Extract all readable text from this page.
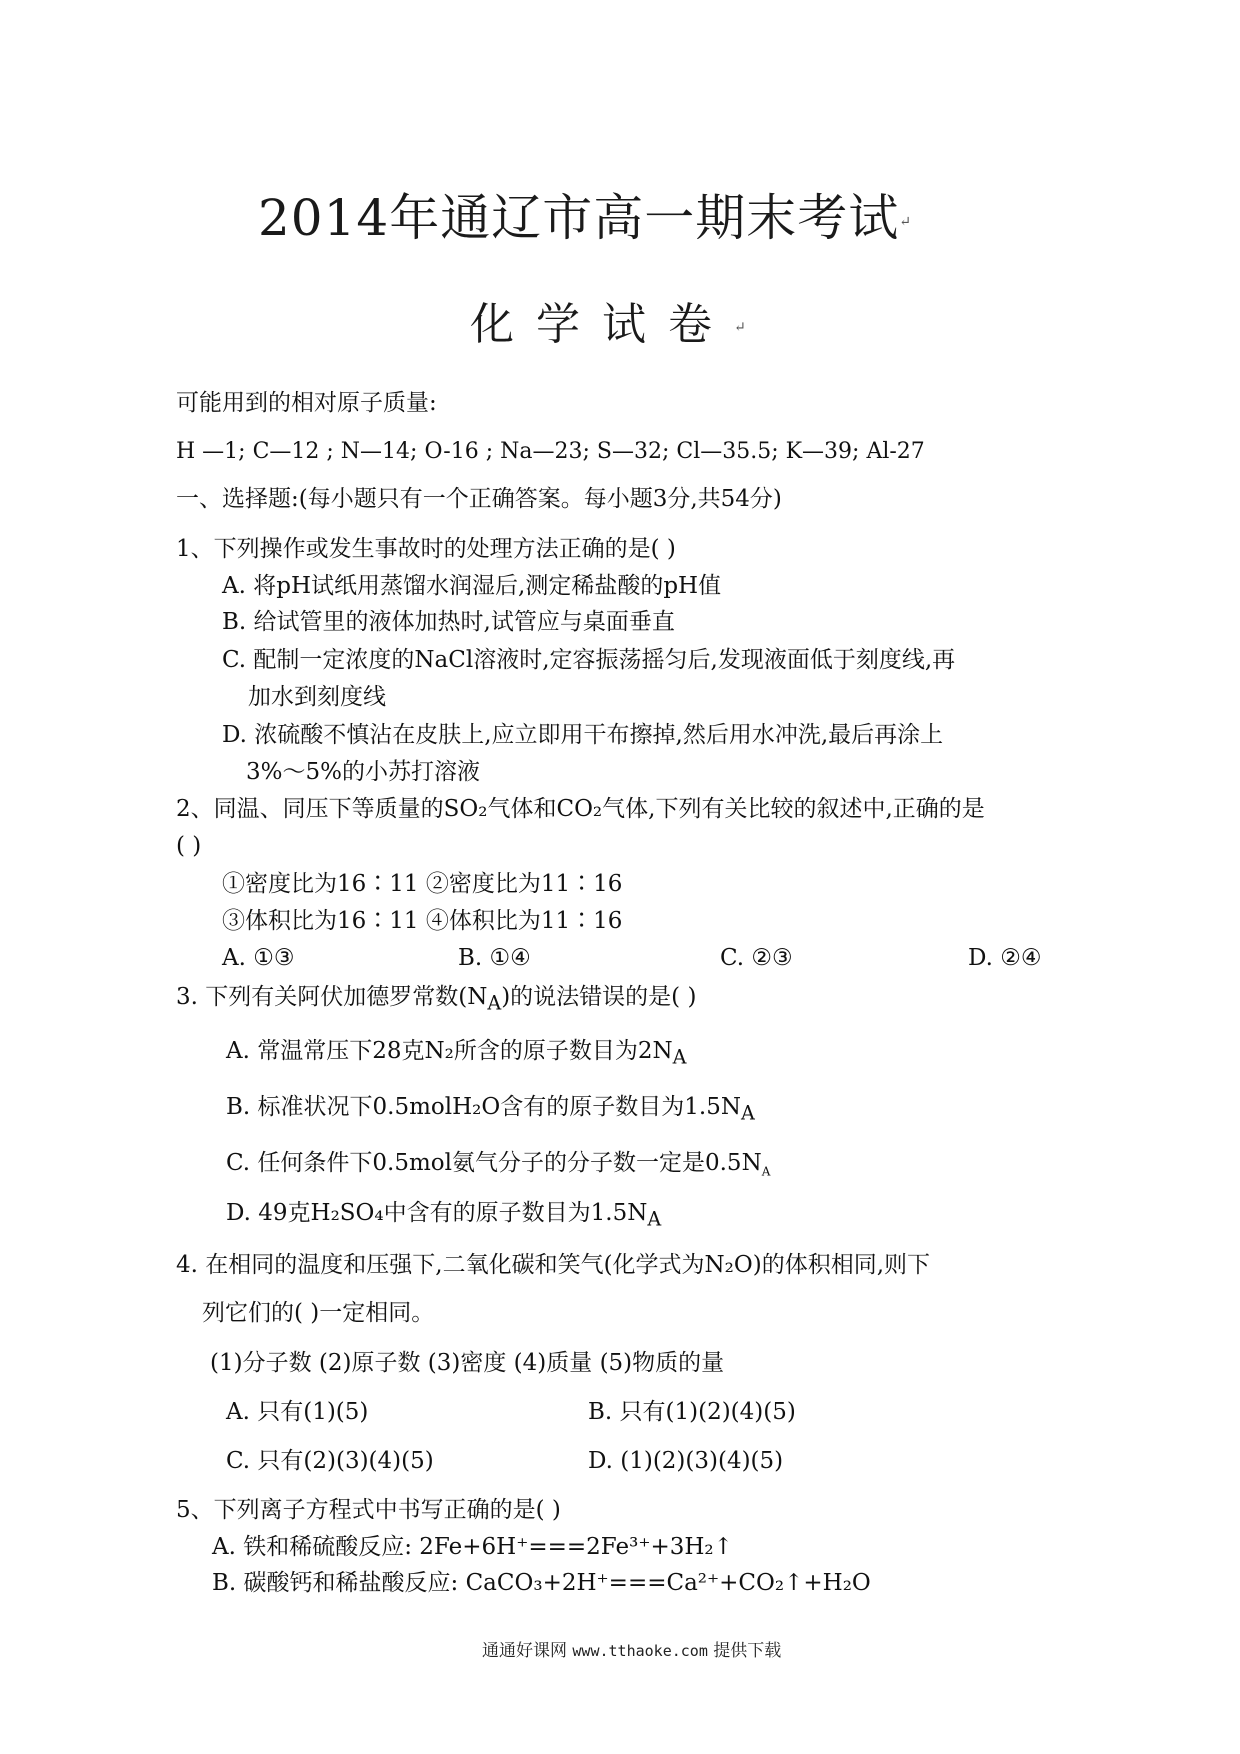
2014年通辽市高一期末考试↵
化学试卷↵
可能用到的相对原子质量:
H —1; C—12 ; N—14; O-16 ; Na—23; S—32; Cl—35.5; K—39; Al-27
一、选择题:(每小题只有一个正确答案。每小题3分,共54分)
1、下列操作或发生事故时的处理方法正确的是( )
A. 将pH试纸用蒸馏水润湿后,测定稀盐酸的pH值
B. 给试管里的液体加热时,试管应与桌面垂直
C. 配制一定浓度的NaCl溶液时,定容振荡摇匀后,发现液面低于刻度线,再
加水到刻度线
D. 浓硫酸不慎沾在皮肤上,应立即用干布擦掉,然后用水冲洗,最后再涂上
3%～5%的小苏打溶液
2、同温、同压下等质量的SO₂气体和CO₂气体,下列有关比较的叙述中,正确的是
( )
①密度比为16∶11 ②密度比为11∶16
③体积比为16∶11 ④体积比为11∶16
A. ①③	B. ①④	C. ②③	D. ②④
3. 下列有关阿伏加德罗常数$(N_A)$的说法错误的是( )
A. 常温常压下28克N₂所含的原子数目为$2N_A$
B. 标准状况下0.5molH₂O含有的原子数目为$1.5N_A$
C. 任何条件下0.5mol氨气分子的分子数一定是$0.5N_A$
D. 49克H₂SO₄中含有的原子数目为$1.5N_A$
4. 在相同的温度和压强下,二氧化碳和笑气(化学式为N₂O)的体积相同,则下
列它们的( )一定相同。
(1)分子数 (2)原子数 (3)密度 (4)质量 (5)物质的量
A. 只有(1)(5)	B. 只有(1)(2)(4)(5)
C. 只有(2)(3)(4)(5)	D. (1)(2)(3)(4)(5)
5、下列离子方程式中书写正确的是( )
A. 铁和稀硫酸反应: 2Fe+6H⁺===2Fe³⁺+3H₂↑
B. 碳酸钙和稀盐酸反应: CaCO₃+2H⁺===Ca²⁺+CO₂↑+H₂O
通通好课网 www.tthaoke.com 提供下载
